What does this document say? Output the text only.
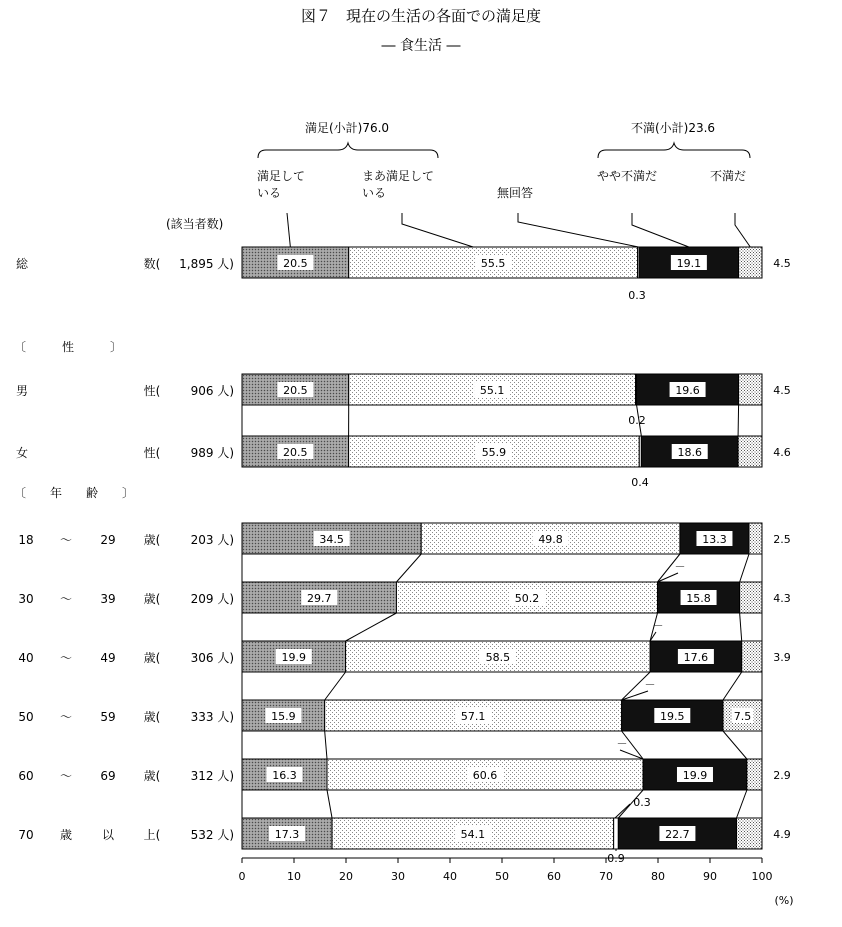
図７　現在の生活の各面での満足度
― 食生活 ―
満足(小計)76.0	不満(小計)23.6
満足して
いる
まあ満足して
いる	無回答
やや不満だ	不満だ
(該当者数)
〔　　　性　　　〕
〔　　年　　齢　　〕
総	数( 1,895 人)	20.5	55.5	19.1	4.5
男	性(	906 人)	20.5	55.1	19.6	4.5
女	性(	989 人)	20.5	55.9	18.6	4.6
18 ～ 29 歳(	203 人)	34.5	49.8	13.3	2.5
30 ～ 39 歳(	209 人)	29.7	50.2	15.8	4.3
40 ～ 49 歳(	306 人)	19.9	58.5	17.6	3.9
50 ～ 59 歳(	333 人)	15.9	57.1	19.5	7.5
60 ～ 69 歳(	312 人)	16.3	60.6	19.9	2.9
70 歳 以 上(	532 人)	17.3	54.1	22.7	4.9
0.3
0.2
0.4
－
－
－
－
0.3
0.9
0	10	20	30	40	50	60	70	80	90	100
(%)
